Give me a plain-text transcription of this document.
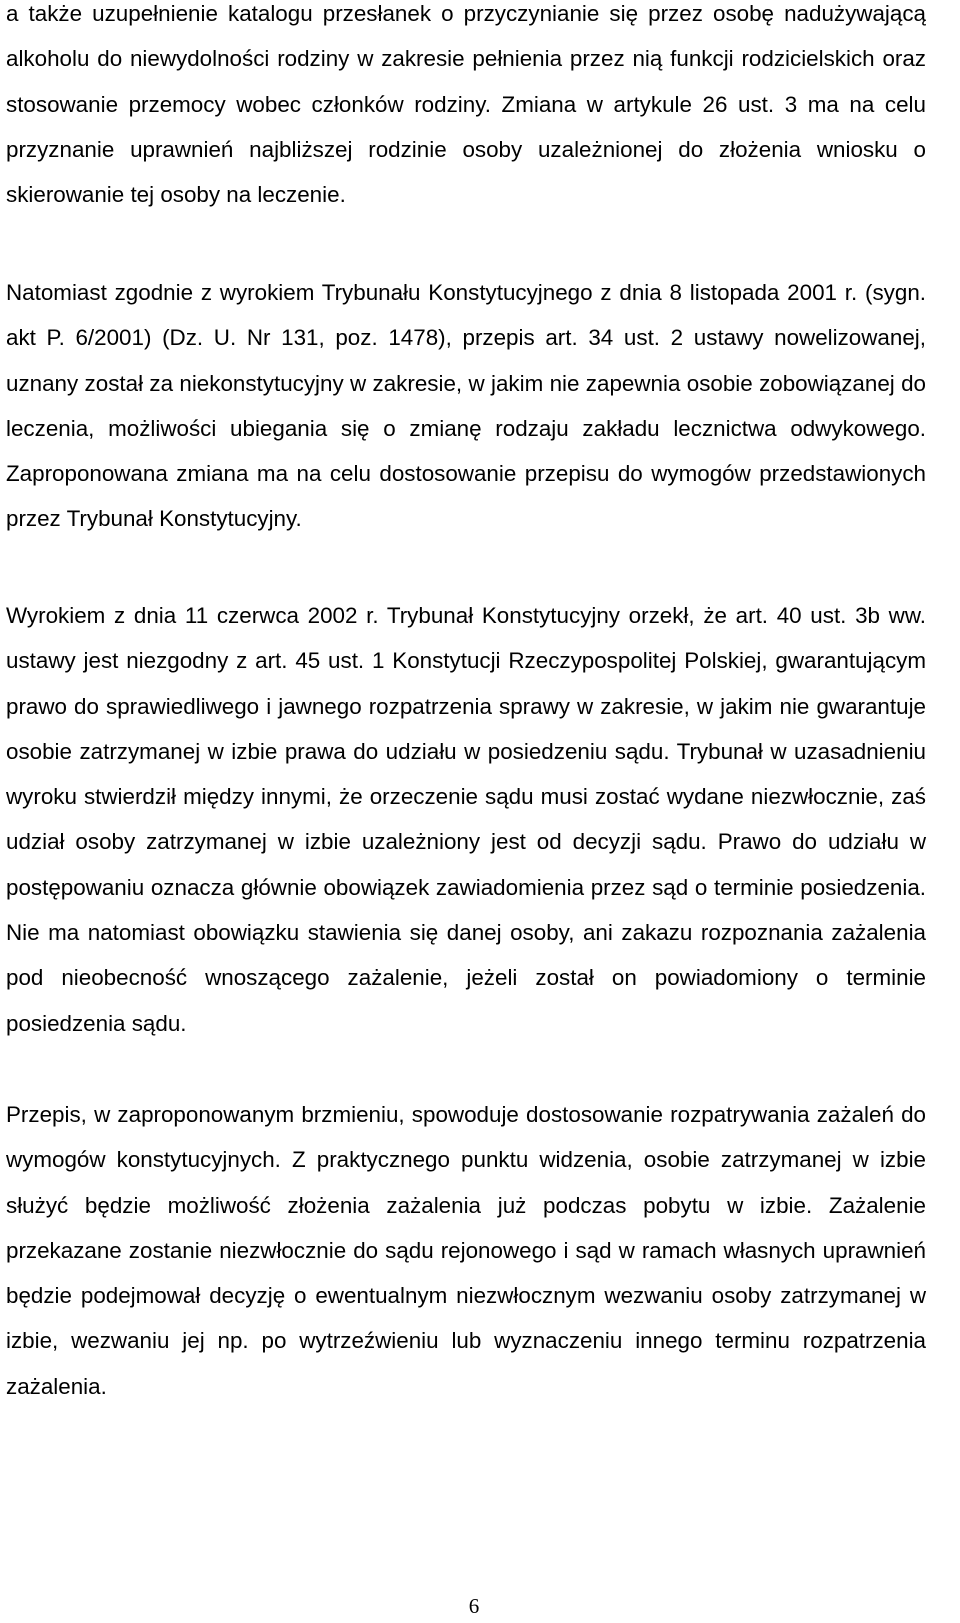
a także uzupełnienie katalogu przesłanek o przyczynianie się przez osobę nadużywającą alkoholu do niewydolności rodziny w zakresie pełnienia przez nią funkcji rodzicielskich oraz stosowanie przemocy wobec członków rodziny. Zmiana w artykule 26 ust. 3 ma na celu przyznanie uprawnień najbliższej rodzinie osoby uzależnionej do złożenia wniosku o skierowanie tej osoby na leczenie.

Natomiast zgodnie z wyrokiem Trybunału Konstytucyjnego z dnia 8 listopada 2001 r. (sygn. akt P. 6/2001) (Dz. U. Nr 131, poz. 1478), przepis art. 34 ust. 2 ustawy nowelizowanej, uznany został za niekonstytucyjny w zakresie, w jakim nie zapewnia osobie zobowiązanej do leczenia, możliwości ubiegania się o zmianę rodzaju zakładu lecznictwa odwykowego. Zaproponowana zmiana ma na celu dostosowanie przepisu do wymogów przedstawionych przez Trybunał Konstytucyjny.

Wyrokiem z dnia 11 czerwca 2002 r. Trybunał Konstytucyjny orzekł, że art. 40 ust. 3b ww. ustawy jest niezgodny z art. 45 ust. 1 Konstytucji Rzeczypospolitej Polskiej, gwarantującym prawo do sprawiedliwego i jawnego rozpatrzenia sprawy w zakresie, w jakim nie gwarantuje osobie zatrzymanej w izbie prawa do udziału w posiedzeniu sądu. Trybunał w uzasadnieniu wyroku stwierdził między innymi, że orzeczenie sądu musi zostać wydane niezwłocznie, zaś udział osoby zatrzymanej w izbie uzależniony jest od decyzji sądu. Prawo do udziału w postępowaniu oznacza głównie obowiązek zawiadomienia przez sąd o terminie posiedzenia. Nie ma natomiast obowiązku stawienia się danej osoby, ani zakazu rozpoznania zażalenia pod nieobecność wnoszącego zażalenie, jeżeli został on powiadomiony o terminie posiedzenia sądu.

Przepis, w zaproponowanym brzmieniu, spowoduje dostosowanie rozpatrywania zażaleń do wymogów konstytucyjnych. Z praktycznego punktu widzenia, osobie zatrzymanej w izbie służyć będzie możliwość złożenia zażalenia już podczas pobytu w izbie. Zażalenie przekazane zostanie niezwłocznie do sądu rejonowego i sąd w ramach własnych uprawnień będzie podejmował decyzję o ewentualnym niezwłocznym wezwaniu osoby zatrzymanej w izbie, wezwaniu jej np. po wytrzeźwieniu lub wyznaczeniu innego terminu rozpatrzenia zażalenia.

6
